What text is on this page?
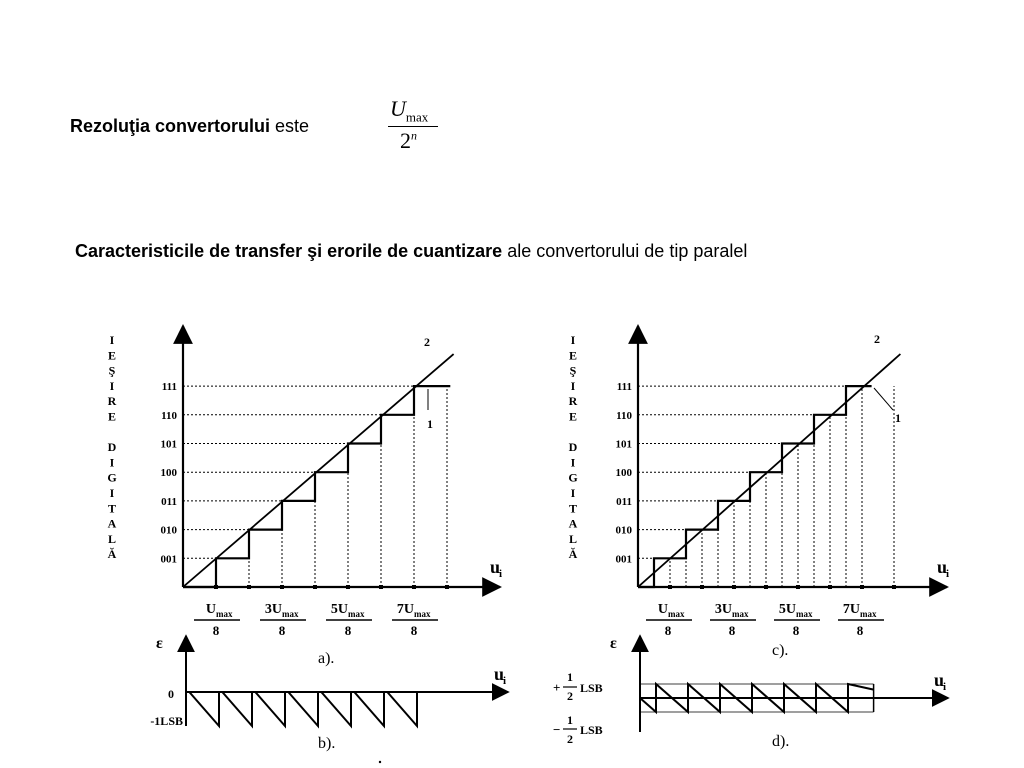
Rezoluţia convertorului este
$U_{max}$
2$^n$
Caracteristicile de transfer şi erorile de cuantizare ale convertorului de tip paralel
I
E
Ş
I
R
E
D
I
G
I
T
A
L
Ă	001
010
011
100
101
110
111
2
1
u
i
U max
8
3U max
8
5U max
8
7U max
8
a).
I
E
Ş
I
R
E
D
I
G
I
T
A
L
Ă	001
010
011
100
101
110
111
2
1
u
i
U max
8
3U max
8
5U max
8
7U max
8
c).
ε
u
i
0
-1LSB
b).
ε
u
i
+
1
2
LSB
−
1
2
LSB
d).
